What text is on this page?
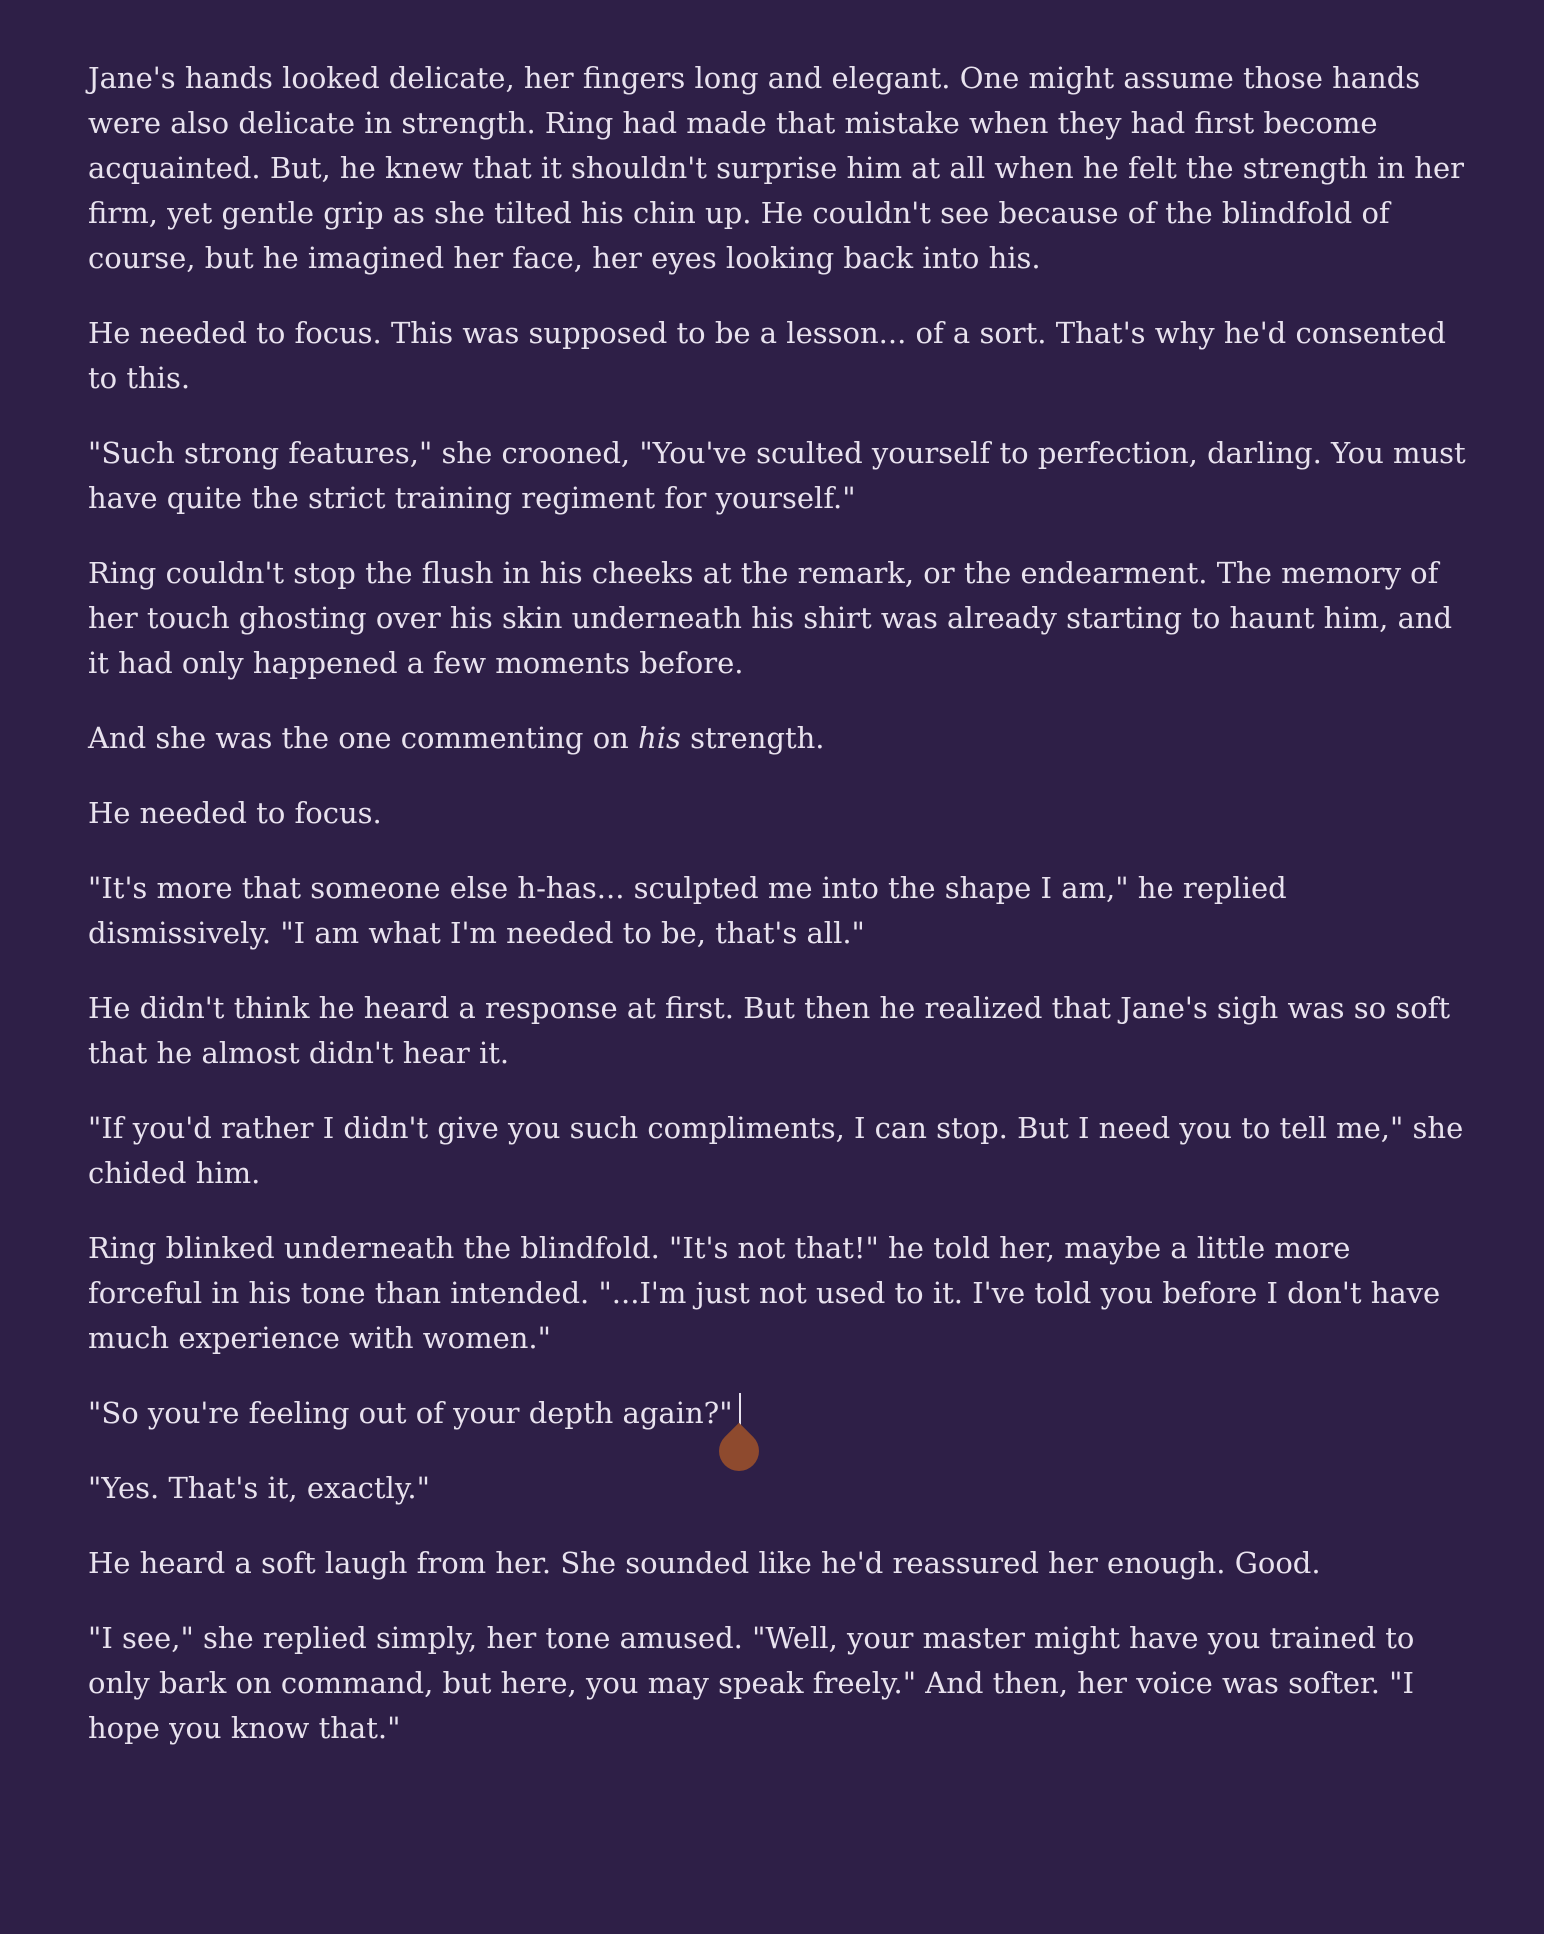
Jane's hands looked delicate, her fingers long and elegant. One might assume those hands were also delicate in strength. Ring had made that mistake when they had first become acquainted. But, he knew that it shouldn't surprise him at all when he felt the strength in her firm, yet gentle grip as she tilted his chin up. He couldn't see because of the blindfold of course, but he imagined her face, her eyes looking back into his.

He needed to focus. This was supposed to be a lesson... of a sort. That's why he'd consented to this.

"Such strong features," she crooned, "You've sculted yourself to perfection, darling. You must have quite the strict training regiment for yourself."

Ring couldn't stop the flush in his cheeks at the remark, or the endearment. The memory of her touch ghosting over his skin underneath his shirt was already starting to haunt him, and it had only happened a few moments before.

And she was the one commenting on his strength.

He needed to focus.

"It's more that someone else h-has... sculpted me into the shape I am," he replied dismissively. "I am what I'm needed to be, that's all."

He didn't think he heard a response at first. But then he realized that Jane's sigh was so soft that he almost didn't hear it.

"If you'd rather I didn't give you such compliments, I can stop. But I need you to tell me," she chided him.

Ring blinked underneath the blindfold. "It's not that!" he told her, maybe a little more forceful in his tone than intended. "...I'm just not used to it. I've told you before I don't have much experience with women."

"So you're feeling out of your depth again?"

"Yes. That's it, exactly."

He heard a soft laugh from her. She sounded like he'd reassured her enough. Good.

"I see," she replied simply, her tone amused. "Well, your master might have you trained to only bark on command, but here, you may speak freely." And then, her voice was softer. "I hope you know that."
